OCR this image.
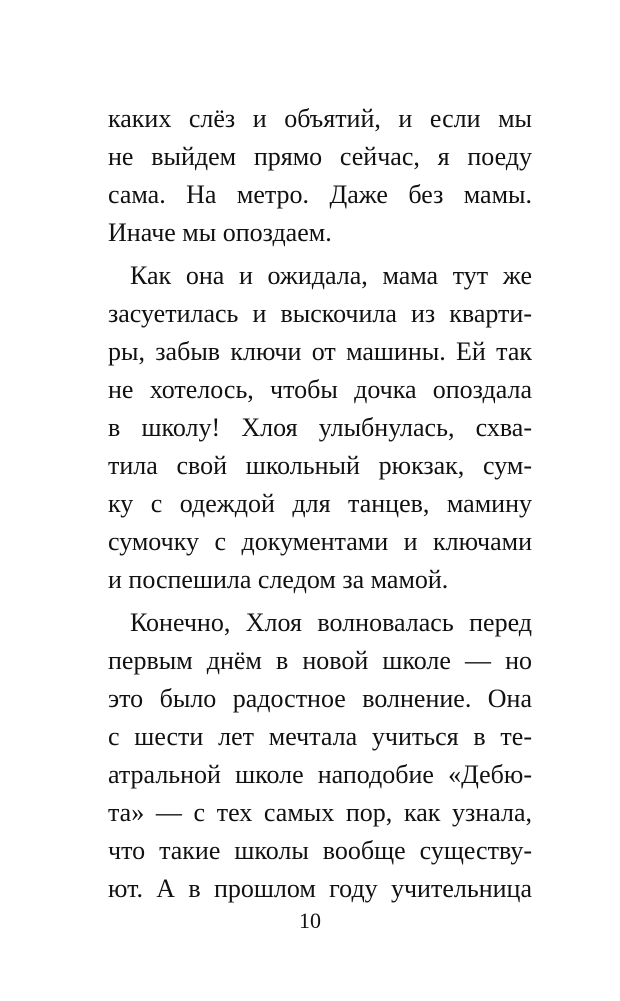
каких слёз и объятий, и если мы
не выйдем прямо сейчас, я поеду
сама. На метро. Даже без мамы.
Иначе мы опоздаем.
Как она и ожидала, мама тут же
засуетилась и выскочила из кварти-
ры, забыв ключи от машины. Ей так
не хотелось, чтобы дочка опоздала
в школу! Хлоя улыбнулась, схва-
тила свой школьный рюкзак, сум-
ку с одеждой для танцев, мамину
сумочку с документами и ключами
и поспешила следом за мамой.
Конечно, Хлоя волновалась перед
первым днём в новой школе — но
это было радостное волнение. Она
с шести лет мечтала учиться в те-
атральной школе наподобие «Дебю-
та» — с тех самых пор, как узнала,
что такие школы вообще существу-
ют. А в прошлом году учительница
10
